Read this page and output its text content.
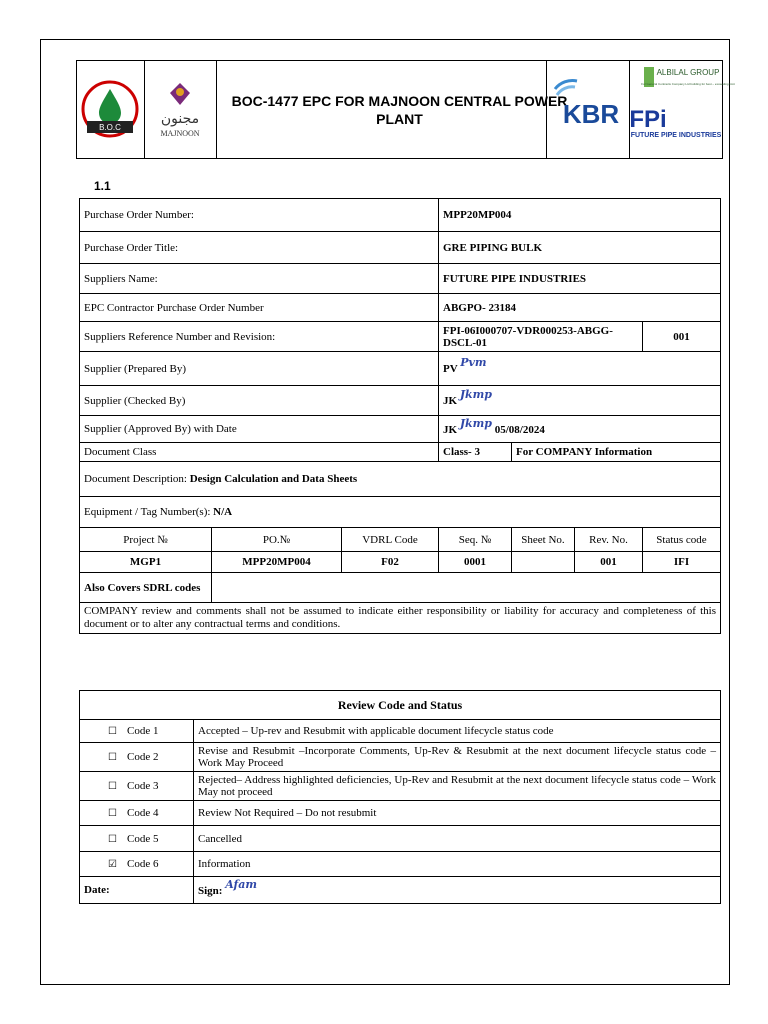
B.O.C
مجنون
MAJNOON
BOC-1477 EPC FOR MAJNOON CENTRAL POWER PLANT	KBR
ALBILAL GROUP
For General Contracts Company Ltd building for best – exceeding limit
FPi
FUTURE PIPE INDUSTRIES
1.1
Purchase Order Number:			MPP20MP004			
Purchase Order Title:			GRE PIPING BULK			
Suppliers Name:			FUTURE PIPE INDUSTRIES			
EPC Contractor Purchase Order Number			ABGPO- 23184			
Suppliers Reference Number and Revision:			FPI-06I000707-VDR000253-ABGG-DSCL-01			001
Supplier (Prepared By)			PV Pvm			
Supplier (Checked By)			JK Jkmp			
Supplier (Approved By) with Date			JK Jkmp 05/08/2024			
Document Class			Class- 3	For COMPANY Information		
Document Description: Design Calculation and Data Sheets						
Equipment / Tag Number(s): N/A						
Project №	PO.№	VDRL Code	Seq. №	Sheet No.	Rev. No.	Status code
MGP1	MPP20MP004	F02	0001		001	IFI
Also Covers SDRL codes						
COMPANY review and comments shall not be assumed to indicate either responsibility or liability for accuracy and completeness of this document or to alter any contractual terms and conditions.						
Review Code and Status	
☐ Code 1	Accepted – Up-rev and Resubmit with applicable document lifecycle status code
☐ Code 2	Revise and Resubmit –Incorporate Comments, Up-Rev & Resubmit at the next document lifecycle status code – Work May Proceed
☐ Code 3	Rejected– Address highlighted deficiencies, Up-Rev and Resubmit at the next document lifecycle status code – Work May not proceed
☐ Code 4	Review Not Required – Do not resubmit
☐ Code 5	Cancelled
☑ Code 6	Information
Date:	Sign: Afam
